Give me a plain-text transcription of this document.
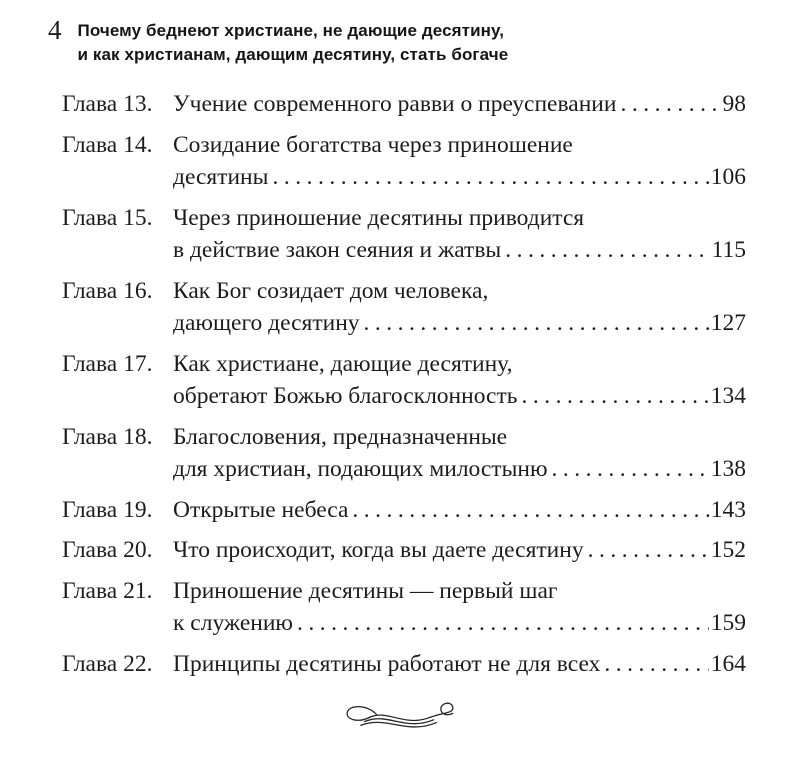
4 Почему беднеют христиане, не дающие десятину,
и как христианам, дающим десятину, стать богаче
Глава 13. Учение современного равви о преуспевании .....	98
Глава 14. Созидание богатства через приношение
десятины .....	106
Глава 15. Через приношение десятины приводится
в действие закон сеяния и жатвы .....	115
Глава 16. Как Бог созидает дом человека,
дающего десятину .....	127
Глава 17. Как христиане, дающие десятину,
обретают Божью благосклонность .....	134
Глава 18. Благословения, предназначенные
для христиан, подающих милостыню .....	138
Глава 19. Открытые небеса .....	143
Глава 20. Что происходит, когда вы даете десятину .....	152
Глава 21. Приношение десятины — первый шаг
к служению .....	159
Глава 22. Принципы десятины работают не для всех .....	164
